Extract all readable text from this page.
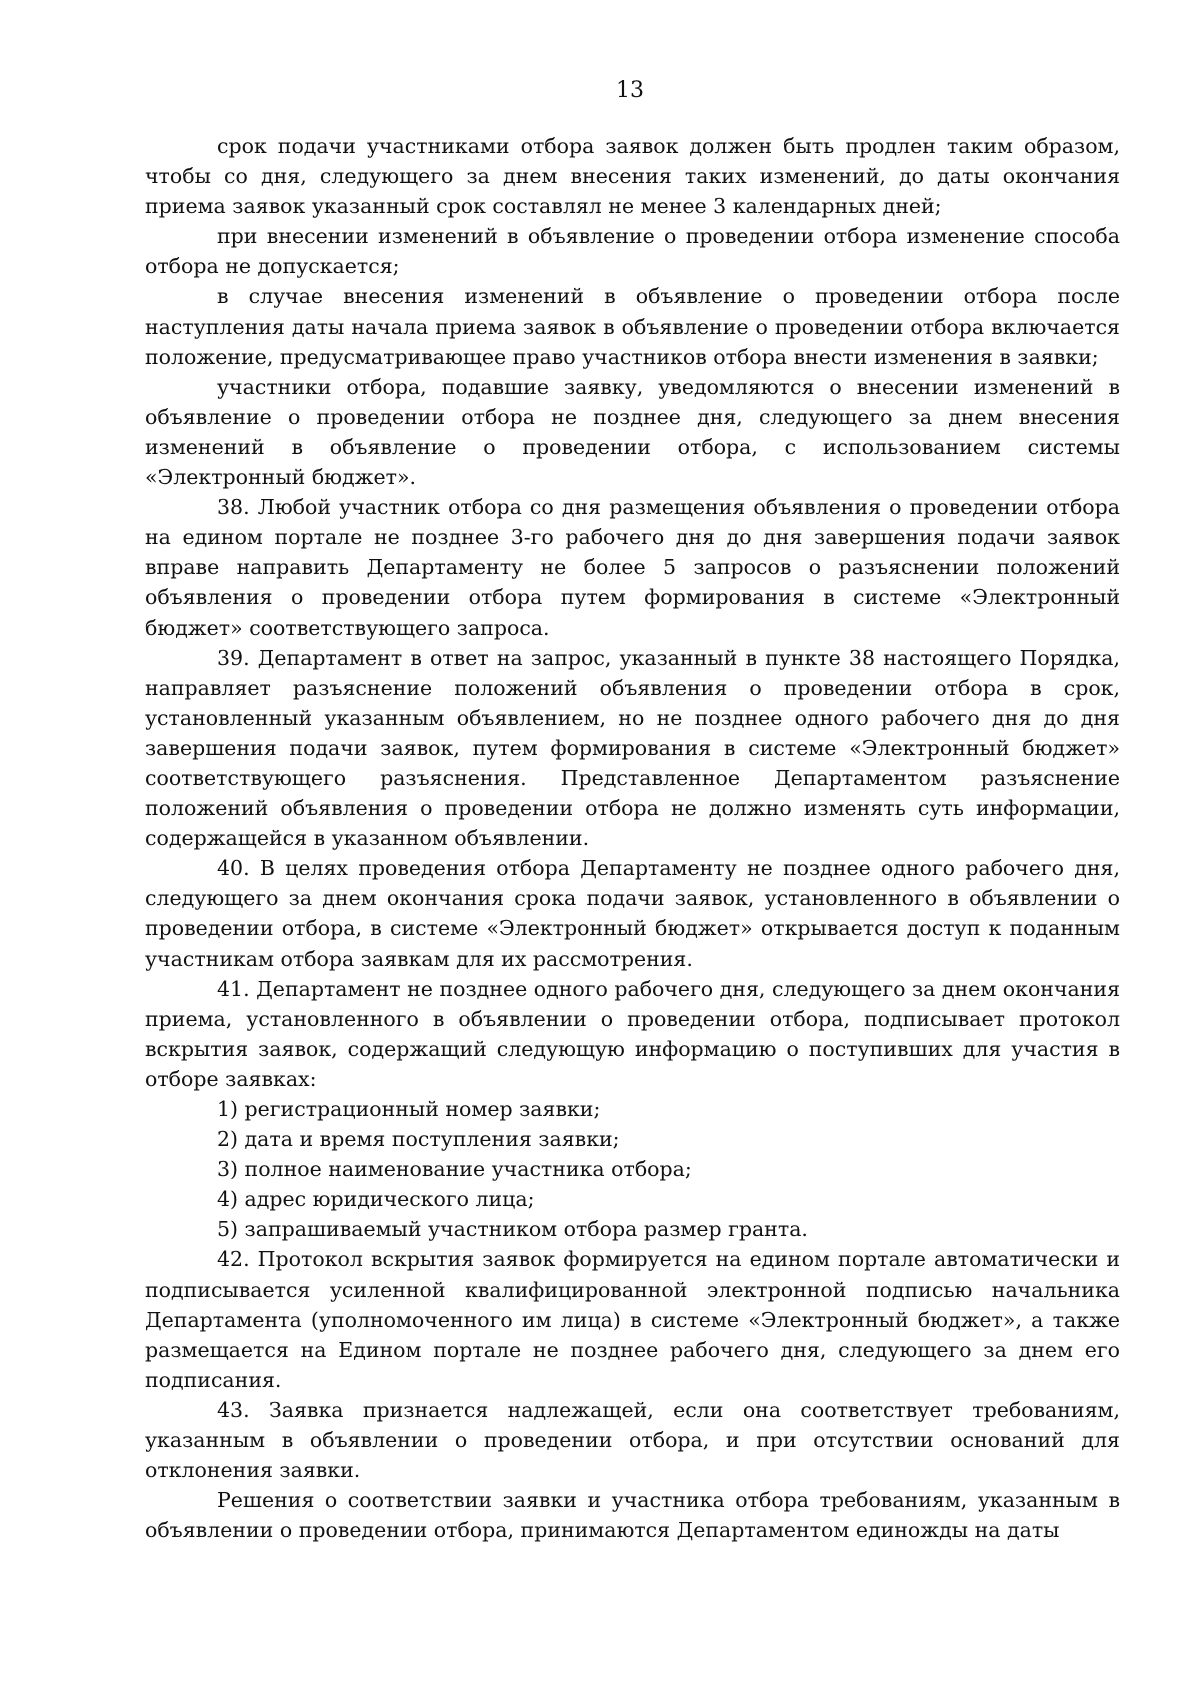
13

срок подачи участниками отбора заявок должен быть продлен таким образом, чтобы со дня, следующего за днем внесения таких изменений, до даты окончания приема заявок указанный срок составлял не менее 3 календарных дней;

при внесении изменений в объявление о проведении отбора изменение способа отбора не допускается;

в случае внесения изменений в объявление о проведении отбора после наступления даты начала приема заявок в объявление о проведении отбора включается положение, предусматривающее право участников отбора внести изменения в заявки;

участники отбора, подавшие заявку, уведомляются о внесении изменений в объявление о проведении отбора не позднее дня, следующего за днем внесения изменений в объявление о проведении отбора, с использованием системы «Электронный бюджет».

38. Любой участник отбора со дня размещения объявления о проведении отбора на едином портале не позднее 3-го рабочего дня до дня завершения подачи заявок вправе направить Департаменту не более 5 запросов о разъяснении положений объявления о проведении отбора путем формирования в системе «Электронный бюджет» соответствующего запроса.

39. Департамент в ответ на запрос, указанный в пункте 38 настоящего Порядка, направляет разъяснение положений объявления о проведении отбора в срок, установленный указанным объявлением, но не позднее одного рабочего дня до дня завершения подачи заявок, путем формирования в системе «Электронный бюджет» соответствующего разъяснения. Представленное Департаментом разъяснение положений объявления о проведении отбора не должно изменять суть информации, содержащейся в указанном объявлении.

40. В целях проведения отбора Департаменту не позднее одного рабочего дня, следующего за днем окончания срока подачи заявок, установленного в объявлении о проведении отбора, в системе «Электронный бюджет» открывается доступ к поданным участникам отбора заявкам для их рассмотрения.

41. Департамент не позднее одного рабочего дня, следующего за днем окончания приема, установленного в объявлении о проведении отбора, подписывает протокол вскрытия заявок, содержащий следующую информацию о поступивших для участия в отборе заявках:

1) регистрационный номер заявки;

2) дата и время поступления заявки;

3) полное наименование участника отбора;

4) адрес юридического лица;

5) запрашиваемый участником отбора размер гранта.

42. Протокол вскрытия заявок формируется на едином портале автоматически и подписывается усиленной квалифицированной электронной подписью начальника Департамента (уполномоченного им лица) в системе «Электронный бюджет», а также размещается на Едином портале не позднее рабочего дня, следующего за днем его подписания.

43. Заявка признается надлежащей, если она соответствует требованиям, указанным в объявлении о проведении отбора, и при отсутствии оснований для отклонения заявки.

Решения о соответствии заявки и участника отбора требованиям, указанным в объявлении о проведении отбора, принимаются Департаментом единожды на даты
